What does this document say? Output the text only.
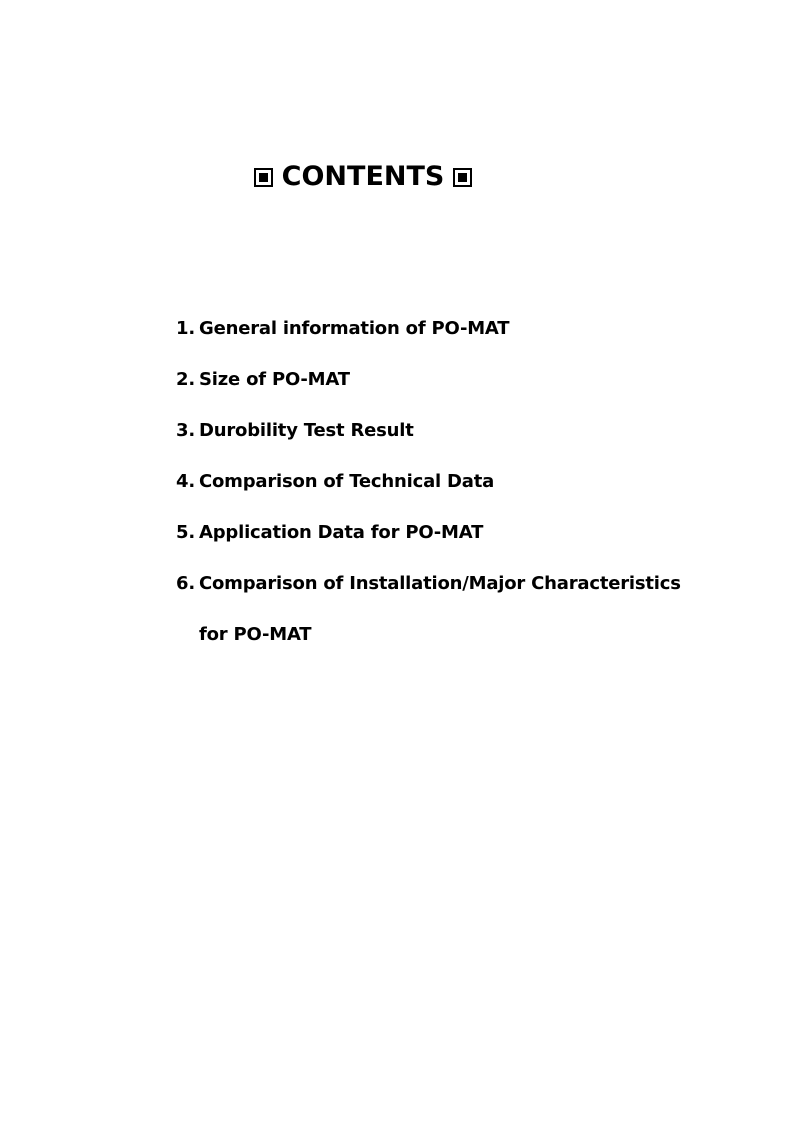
CONTENTS
1. General information of PO-MAT
2. Size of PO-MAT
3. Durobility Test Result
4. Comparison of Technical Data
5. Application Data for PO-MAT
6. Comparison of Installation/Major Characteristics
for PO-MAT
